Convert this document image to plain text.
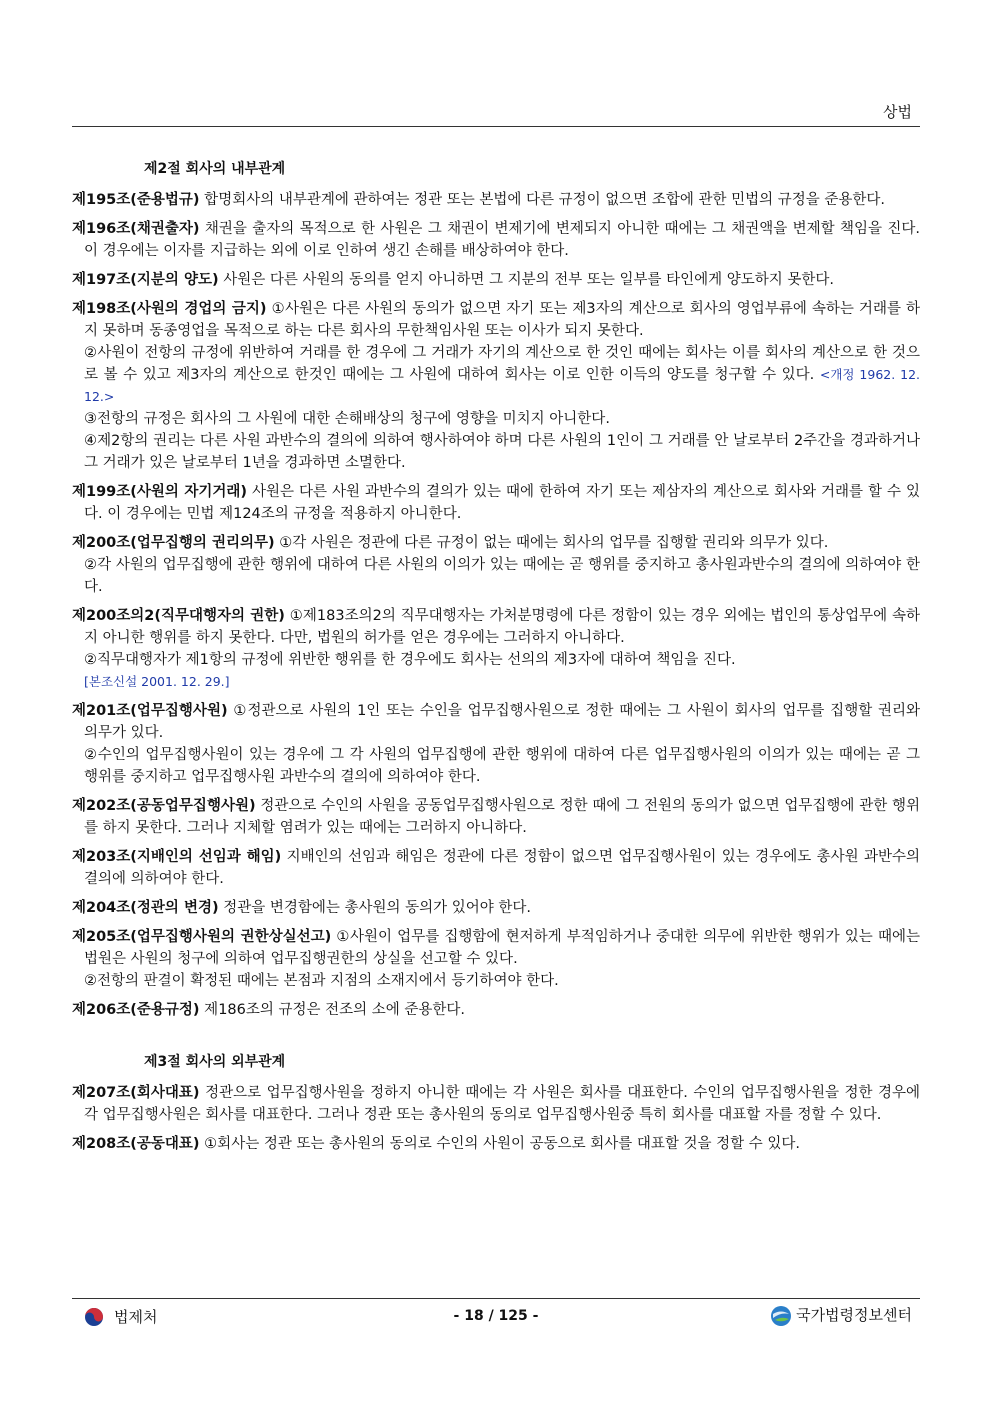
상법
제2절 회사의 내부관계

제195조(준용법규) 합명회사의 내부관계에 관하여는 정관 또는 본법에 다른 규정이 없으면 조합에 관한 민법의 규정을 준용한다.

제196조(채권출자) 채권을 출자의 목적으로 한 사원은 그 채권이 변제기에 변제되지 아니한 때에는 그 채권액을 변제할 책임을 진다. 이 경우에는 이자를 지급하는 외에 이로 인하여 생긴 손해를 배상하여야 한다.

제197조(지분의 양도) 사원은 다른 사원의 동의를 얻지 아니하면 그 지분의 전부 또는 일부를 타인에게 양도하지 못한다.

제198조(사원의 경업의 금지) ①사원은 다른 사원의 동의가 없으면 자기 또는 제3자의 계산으로 회사의 영업부류에 속하는 거래를 하지 못하며 동종영업을 목적으로 하는 다른 회사의 무한책임사원 또는 이사가 되지 못한다.

②사원이 전항의 규정에 위반하여 거래를 한 경우에 그 거래가 자기의 계산으로 한 것인 때에는 회사는 이를 회사의 계산으로 한 것으로 볼 수 있고 제3자의 계산으로 한것인 때에는 그 사원에 대하여 회사는 이로 인한 이득의 양도를 청구할 수 있다. <개정 1962. 12. 12.>

③전항의 규정은 회사의 그 사원에 대한 손해배상의 청구에 영향을 미치지 아니한다.

④제2항의 권리는 다른 사원 과반수의 결의에 의하여 행사하여야 하며 다른 사원의 1인이 그 거래를 안 날로부터 2주간을 경과하거나 그 거래가 있은 날로부터 1년을 경과하면 소멸한다.

제199조(사원의 자기거래) 사원은 다른 사원 과반수의 결의가 있는 때에 한하여 자기 또는 제삼자의 계산으로 회사와 거래를 할 수 있다. 이 경우에는 민법 제124조의 규정을 적용하지 아니한다.

제200조(업무집행의 권리의무) ①각 사원은 정관에 다른 규정이 없는 때에는 회사의 업무를 집행할 권리와 의무가 있다.

②각 사원의 업무집행에 관한 행위에 대하여 다른 사원의 이의가 있는 때에는 곧 행위를 중지하고 총사원과반수의 결의에 의하여야 한다.

제200조의2(직무대행자의 권한) ①제183조의2의 직무대행자는 가처분명령에 다른 정함이 있는 경우 외에는 법인의 통상업무에 속하지 아니한 행위를 하지 못한다. 다만, 법원의 허가를 얻은 경우에는 그러하지 아니하다.

②직무대행자가 제1항의 규정에 위반한 행위를 한 경우에도 회사는 선의의 제3자에 대하여 책임을 진다.

[본조신설 2001. 12. 29.]

제201조(업무집행사원) ①정관으로 사원의 1인 또는 수인을 업무집행사원으로 정한 때에는 그 사원이 회사의 업무를 집행할 권리와 의무가 있다.

②수인의 업무집행사원이 있는 경우에 그 각 사원의 업무집행에 관한 행위에 대하여 다른 업무집행사원의 이의가 있는 때에는 곧 그 행위를 중지하고 업무집행사원 과반수의 결의에 의하여야 한다.

제202조(공동업무집행사원) 정관으로 수인의 사원을 공동업무집행사원으로 정한 때에 그 전원의 동의가 없으면 업무집행에 관한 행위를 하지 못한다. 그러나 지체할 염려가 있는 때에는 그러하지 아니하다.

제203조(지배인의 선임과 해임) 지배인의 선임과 해임은 정관에 다른 정함이 없으면 업무집행사원이 있는 경우에도 총사원 과반수의 결의에 의하여야 한다.

제204조(정관의 변경) 정관을 변경함에는 총사원의 동의가 있어야 한다.

제205조(업무집행사원의 권한상실선고) ①사원이 업무를 집행함에 현저하게 부적임하거나 중대한 의무에 위반한 행위가 있는 때에는 법원은 사원의 청구에 의하여 업무집행권한의 상실을 선고할 수 있다.

②전항의 판결이 확정된 때에는 본점과 지점의 소재지에서 등기하여야 한다.

제206조(준용규정) 제186조의 규정은 전조의 소에 준용한다.

제3절 회사의 외부관계

제207조(회사대표) 정관으로 업무집행사원을 정하지 아니한 때에는 각 사원은 회사를 대표한다. 수인의 업무집행사원을 정한 경우에 각 업무집행사원은 회사를 대표한다. 그러나 정관 또는 총사원의 동의로 업무집행사원중 특히 회사를 대표할 자를 정할 수 있다.

제208조(공동대표) ①회사는 정관 또는 총사원의 동의로 수인의 사원이 공동으로 회사를 대표할 것을 정할 수 있다.

법제처	- 18 / 125 -	국가법령정보센터
